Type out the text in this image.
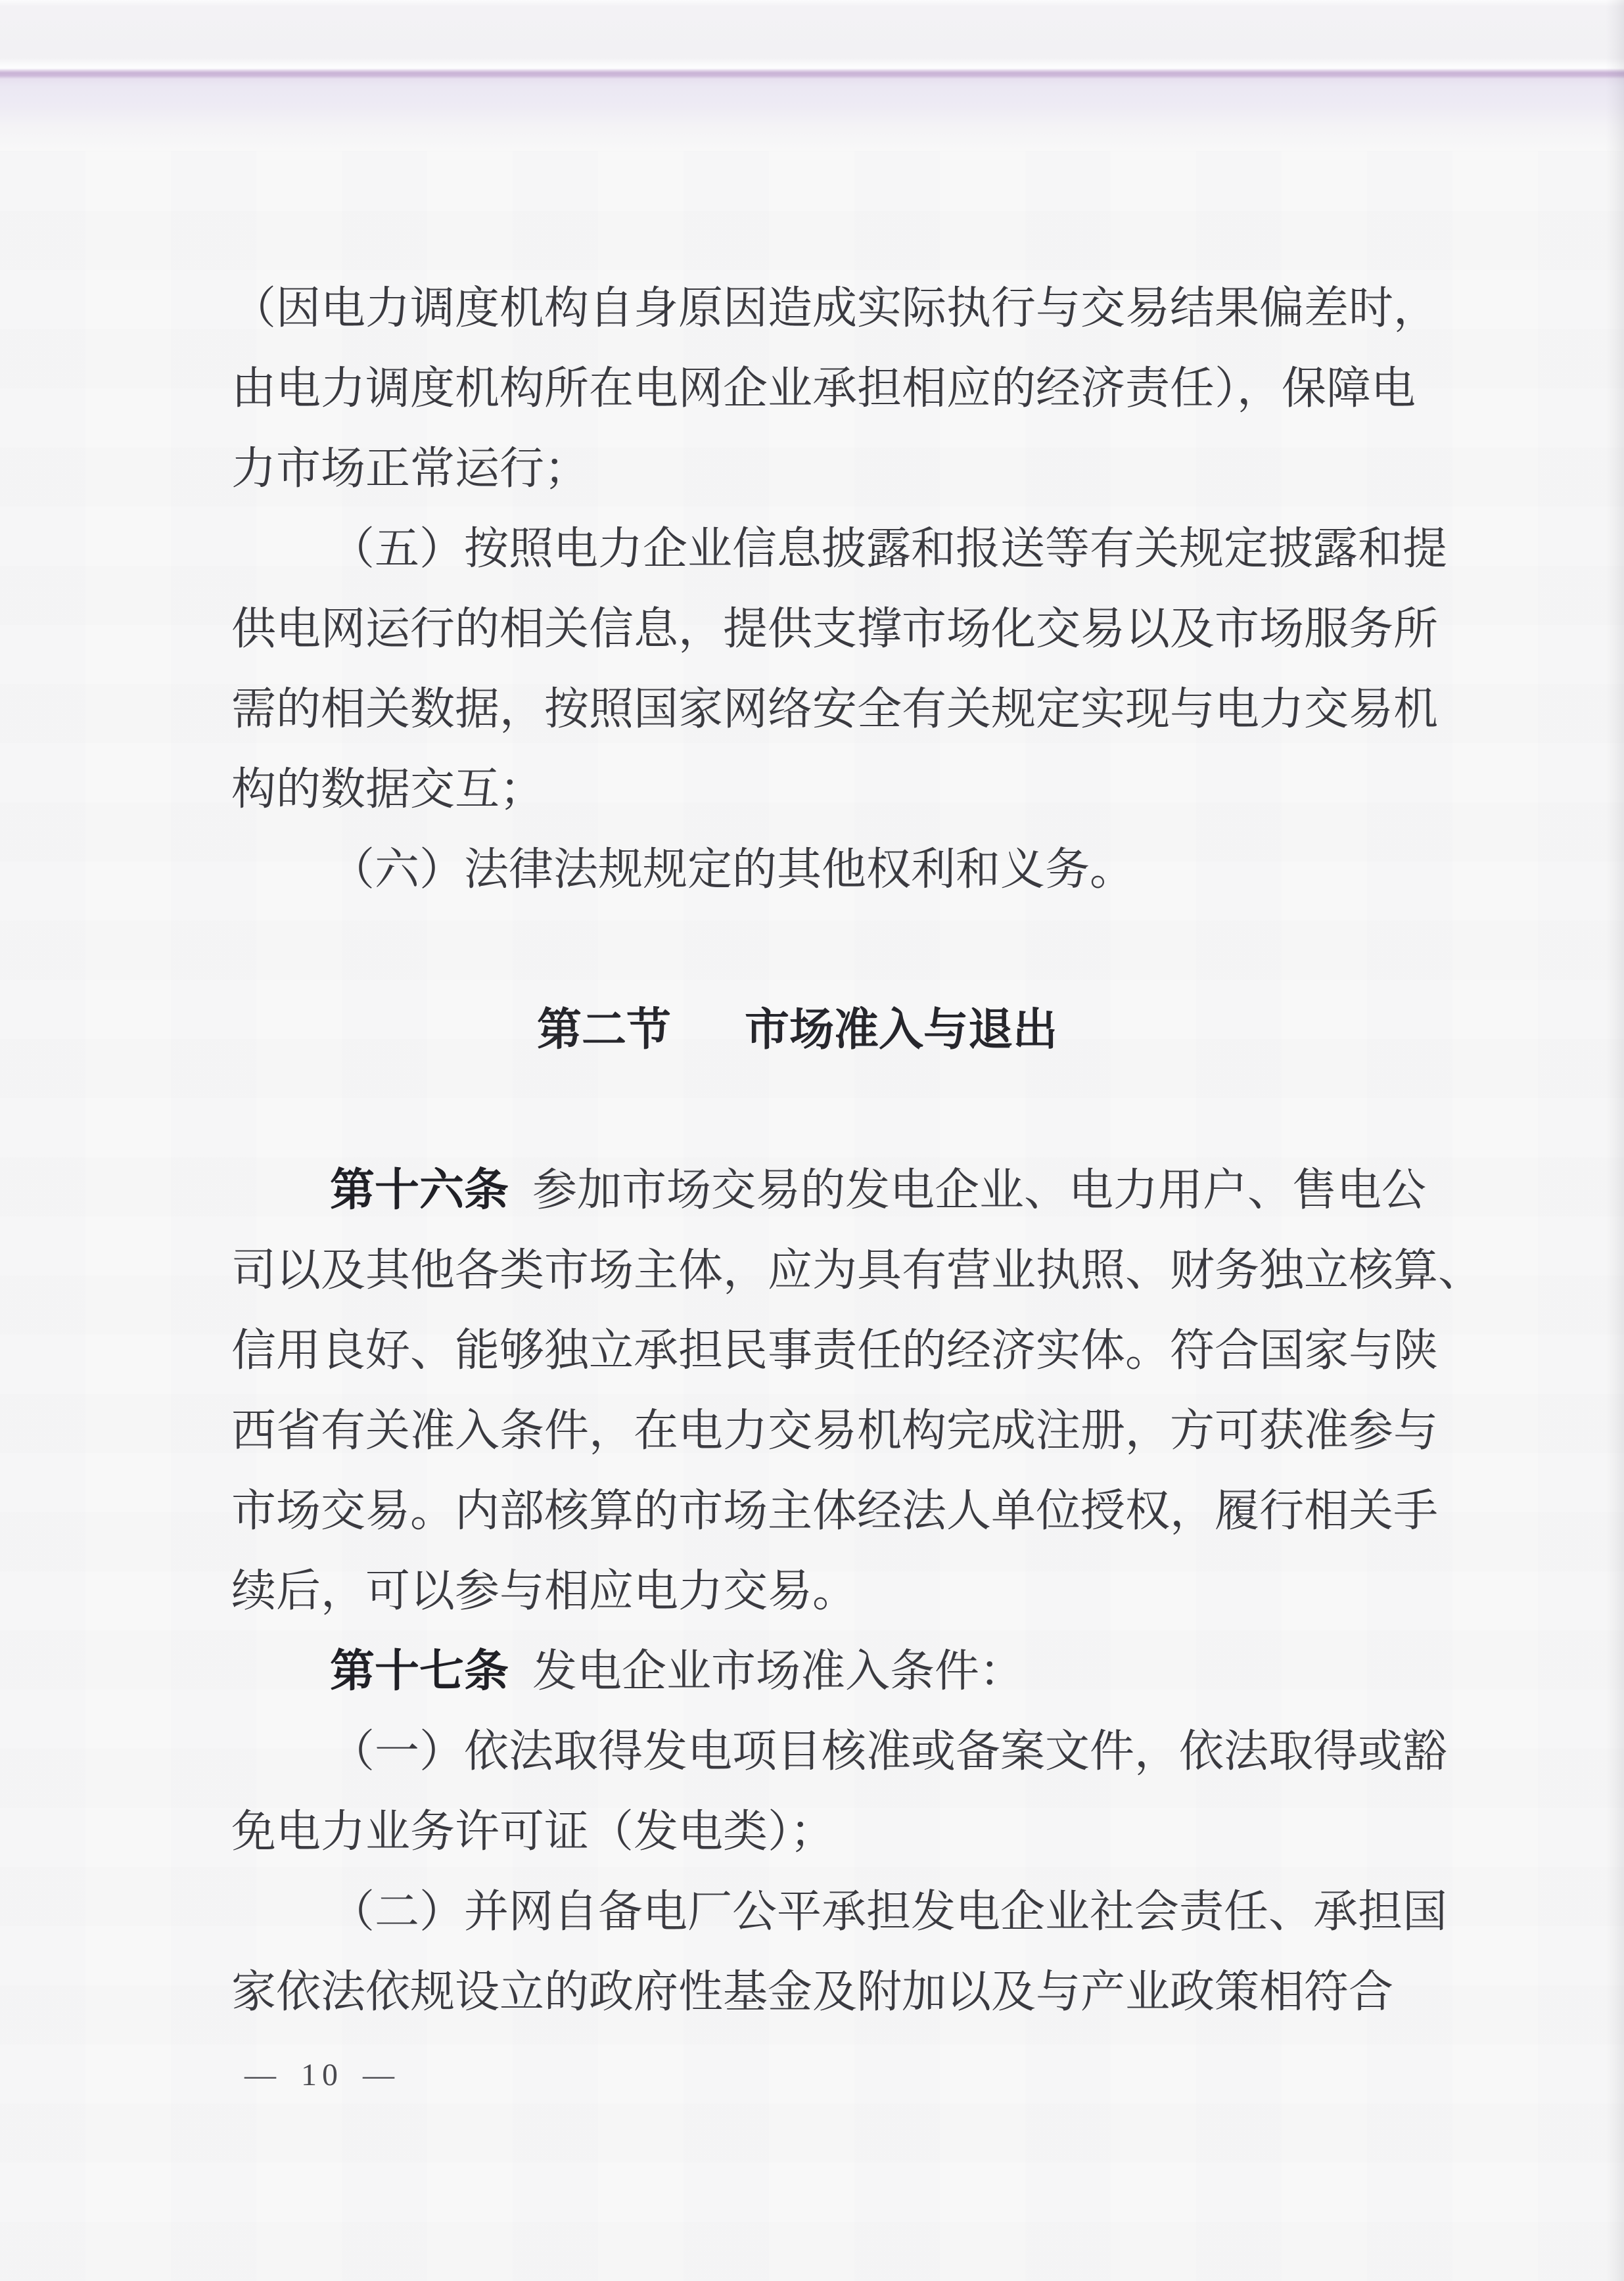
（因电力调度机构自身原因造成实际执行与交易结果偏差时，
由电力调度机构所在电网企业承担相应的经济责任），保障电
力市场正常运行；
（五）按照电力企业信息披露和报送等有关规定披露和提
供电网运行的相关信息，提供支撑市场化交易以及市场服务所
需的相关数据，按照国家网络安全有关规定实现与电力交易机
构的数据交互；
（六）法律法规规定的其他权利和义务。
第二节 市场准入与退出
第十六条 参加市场交易的发电企业、电力用户、售电公
司以及其他各类市场主体，应为具有营业执照、财务独立核算、
信用良好、能够独立承担民事责任的经济实体。符合国家与陕
西省有关准入条件，在电力交易机构完成注册，方可获准参与
市场交易。内部核算的市场主体经法人单位授权，履行相关手
续后，可以参与相应电力交易。
第十七条 发电企业市场准入条件：
（一）依法取得发电项目核准或备案文件，依法取得或豁
免电力业务许可证（发电类）；
（二）并网自备电厂公平承担发电企业社会责任、承担国
家依法依规设立的政府性基金及附加以及与产业政策相符合
— 10 —
